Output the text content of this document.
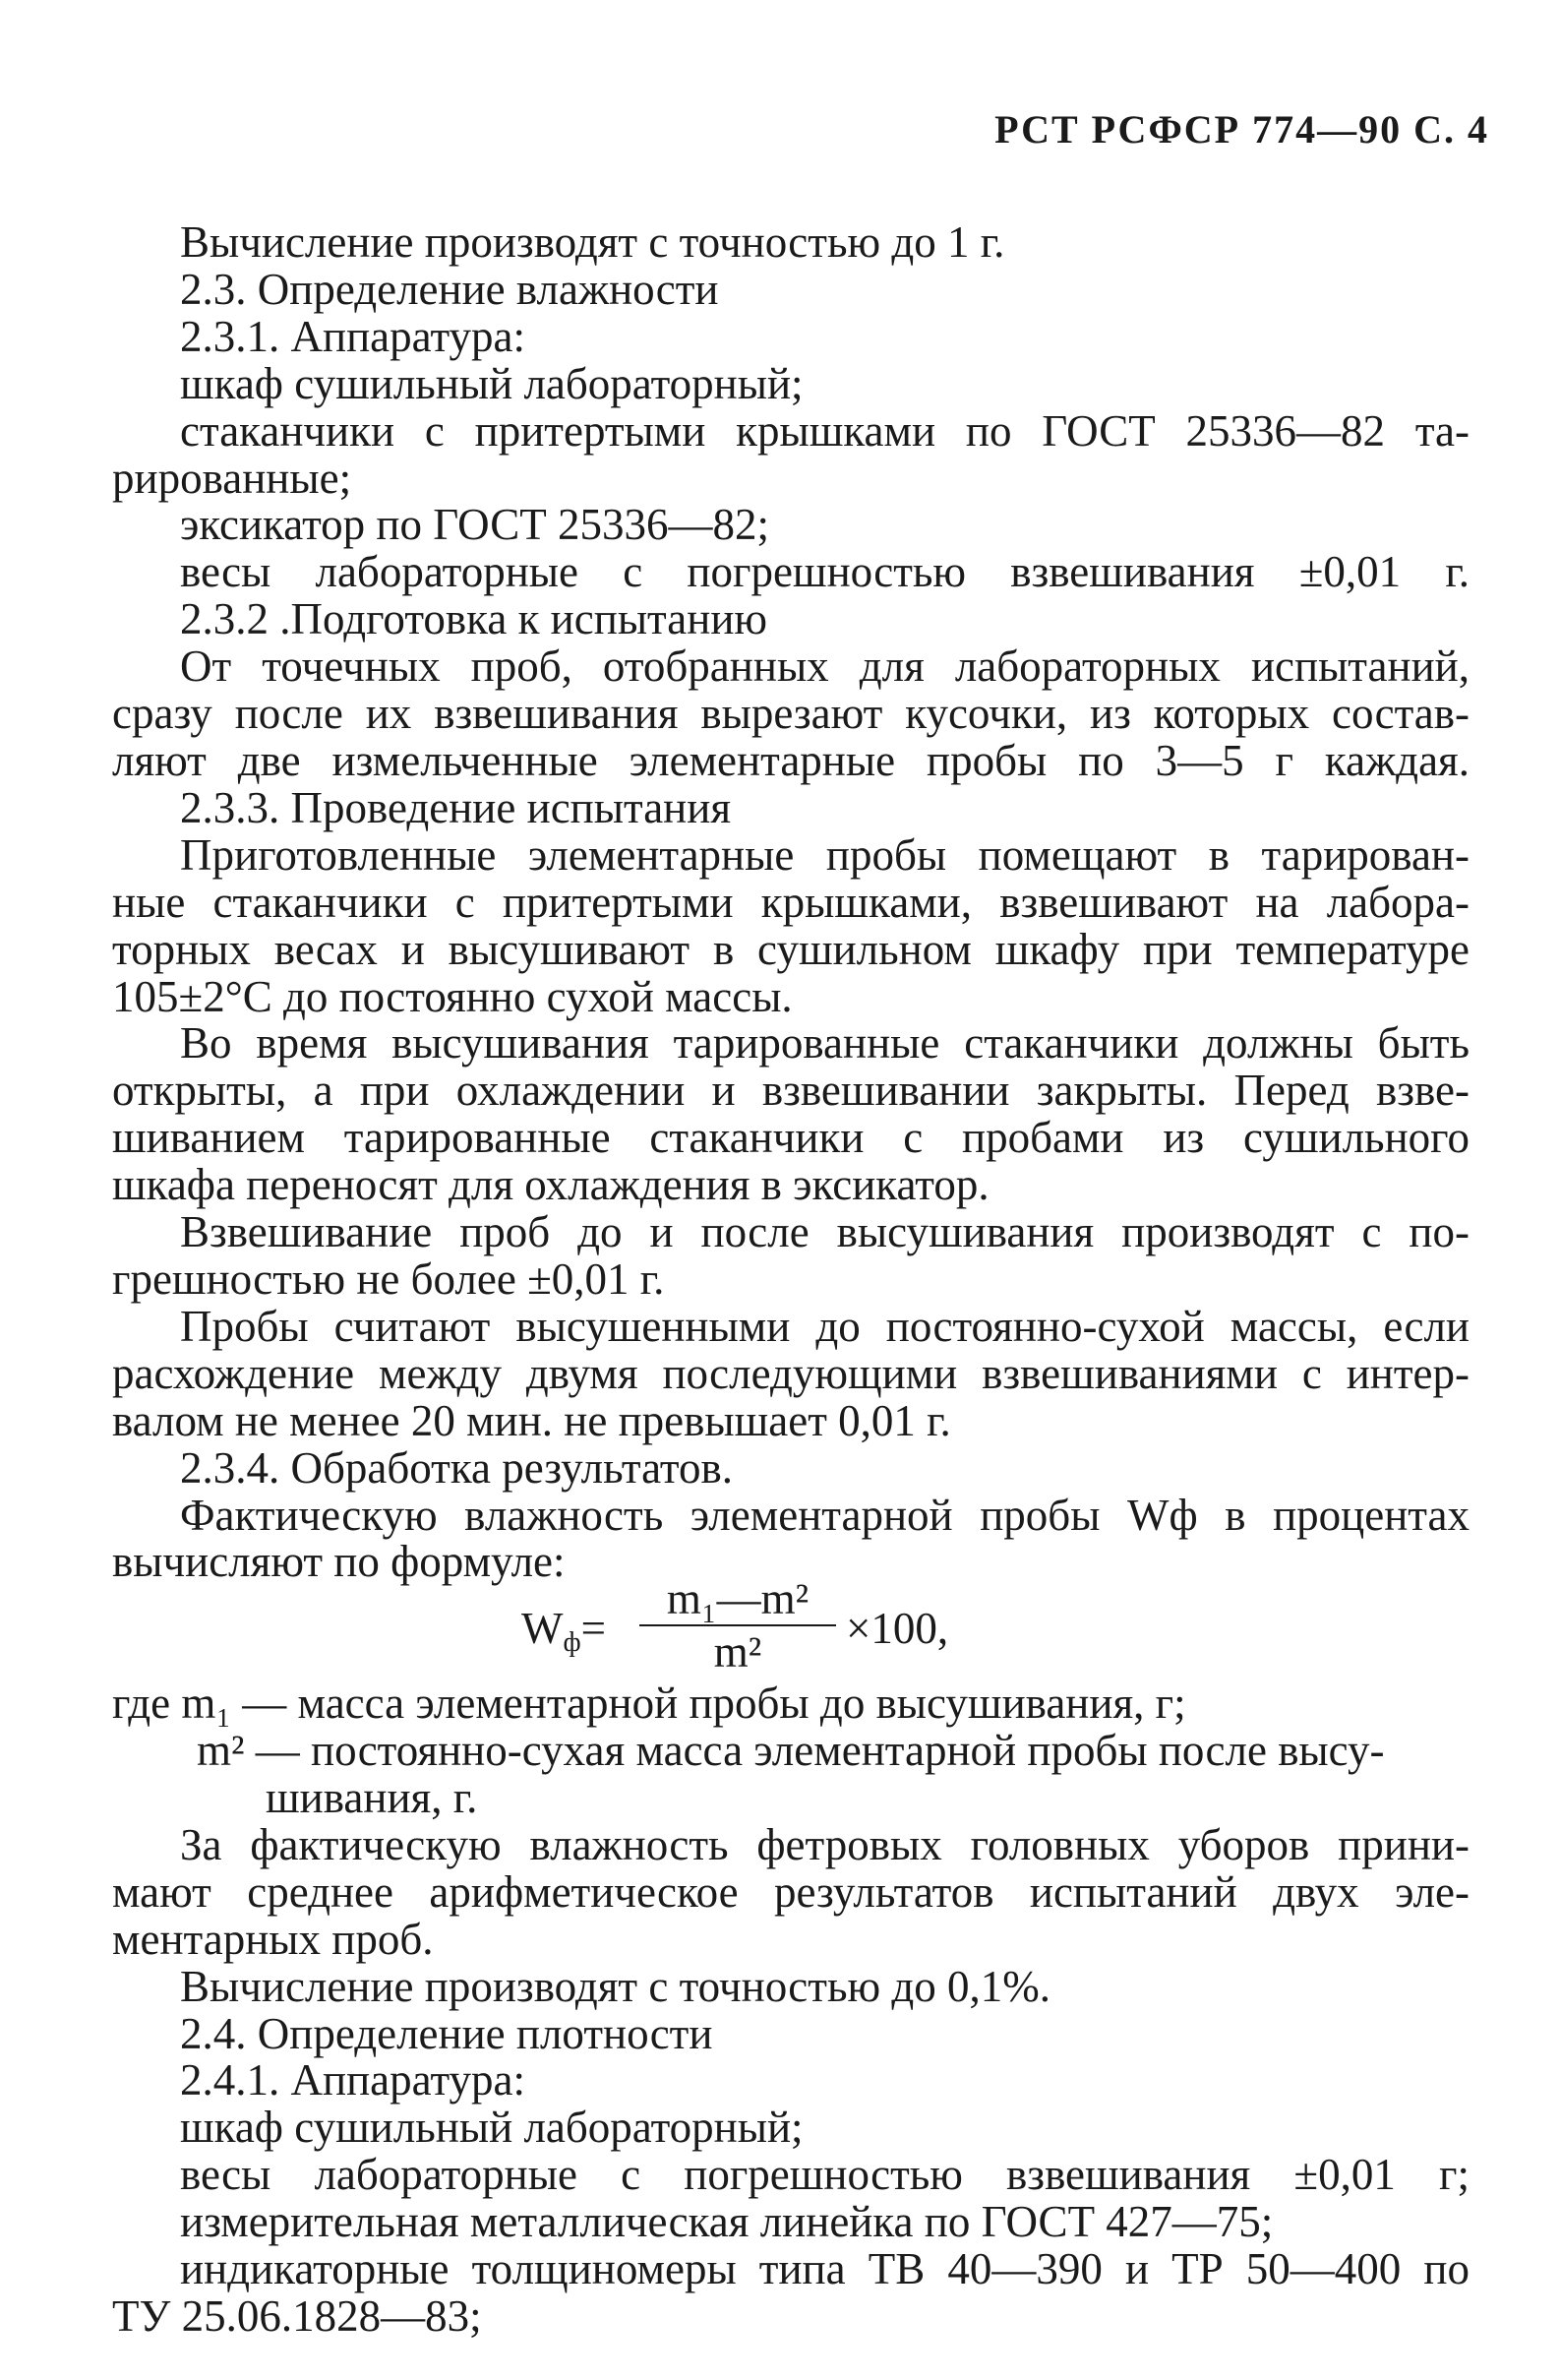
РСТ РСФСР 774—90 С. 4
Вычисление производят с точностью до 1 г.
2.3. Определение влажности
2.3.1. Аппаратура:
шкаф сушильный лабораторный;
стаканчики с притертыми крышками по ГОСТ 25336—82 та-
рированные;
эксикатор по ГОСТ 25336—82;
весы лабораторные с погрешностью взвешивания ±0,01 г.
2.3.2 .Подготовка к испытанию
От точечных проб, отобранных для лабораторных испытаний,
сразу после их взвешивания вырезают кусочки, из которых состав-
ляют две измельченные элементарные пробы по 3—5 г каждая.
2.3.3. Проведение испытания
Приготовленные элементарные пробы помещают в тарирован-
ные стаканчики с притертыми крышками, взвешивают на лабора-
торных весах и высушивают в сушильном шкафу при температуре
105±2°С до постоянно сухой массы.
Во время высушивания тарированные стаканчики должны быть
открыты, а при охлаждении и взвешивании закрыты. Перед взве-
шиванием тарированные стаканчики с пробами из сушильного
шкафа переносят для охлаждения в эксикатор.
Взвешивание проб до и после высушивания производят с по-
грешностью не более ±0,01 г.
Пробы считают высушенными до постоянно-сухой массы, если
расхождение между двумя последующими взвешиваниями с интер-
валом не менее 20 мин. не превышает 0,01 г.
2.3.4. Обработка результатов.
Фактическую влажность элементарной пробы Wф в процентах
вычисляют по формуле:
$W_ф=$
m₁—m²
m²	×100,
где m₁ — масса элементарной пробы до высушивания, г;
m² — постоянно-сухая масса элементарной пробы после высу-
шивания, г.
За фактическую влажность фетровых головных уборов прини-
мают среднее арифметическое результатов испытаний двух эле-
ментарных проб.
Вычисление производят с точностью до 0,1%.
2.4. Определение плотности
2.4.1. Аппаратура:
шкаф сушильный лабораторный;
весы лабораторные с погрешностью взвешивания ±0,01 г;
измерительная металлическая линейка по ГОСТ 427—75;
индикаторные толщиномеры типа ТВ 40—390 и ТР 50—400 по
ТУ 25.06.1828—83;
